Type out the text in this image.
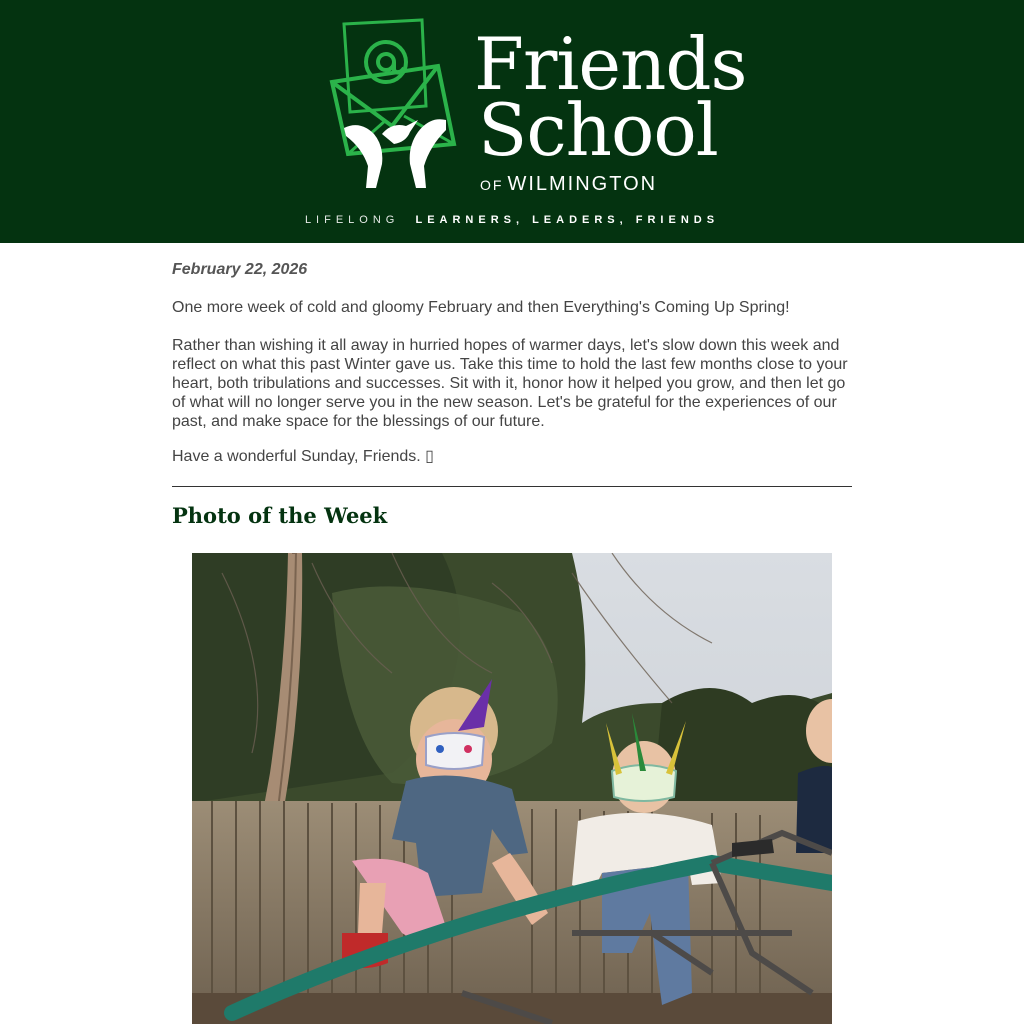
Friends
School
OF WILMINGTON
LIFELONG LEARNERS, LEADERS, FRIENDS
February 22, 2026

One more week of cold and gloomy February and then Everything's Coming Up Spring!

Rather than wishing it all away in hurried hopes of warmer days, let's slow down this week and reflect on what this past Winter gave us. Take this time to hold the last few months close to your heart, both tribulations and successes. Sit with it, honor how it helped you grow, and then let go of what will no longer serve you in the new season. Let's be grateful for the experiences of our past, and make space for the blessings of our future.

Have a wonderful Sunday, Friends. ▯

Photo of the Week
